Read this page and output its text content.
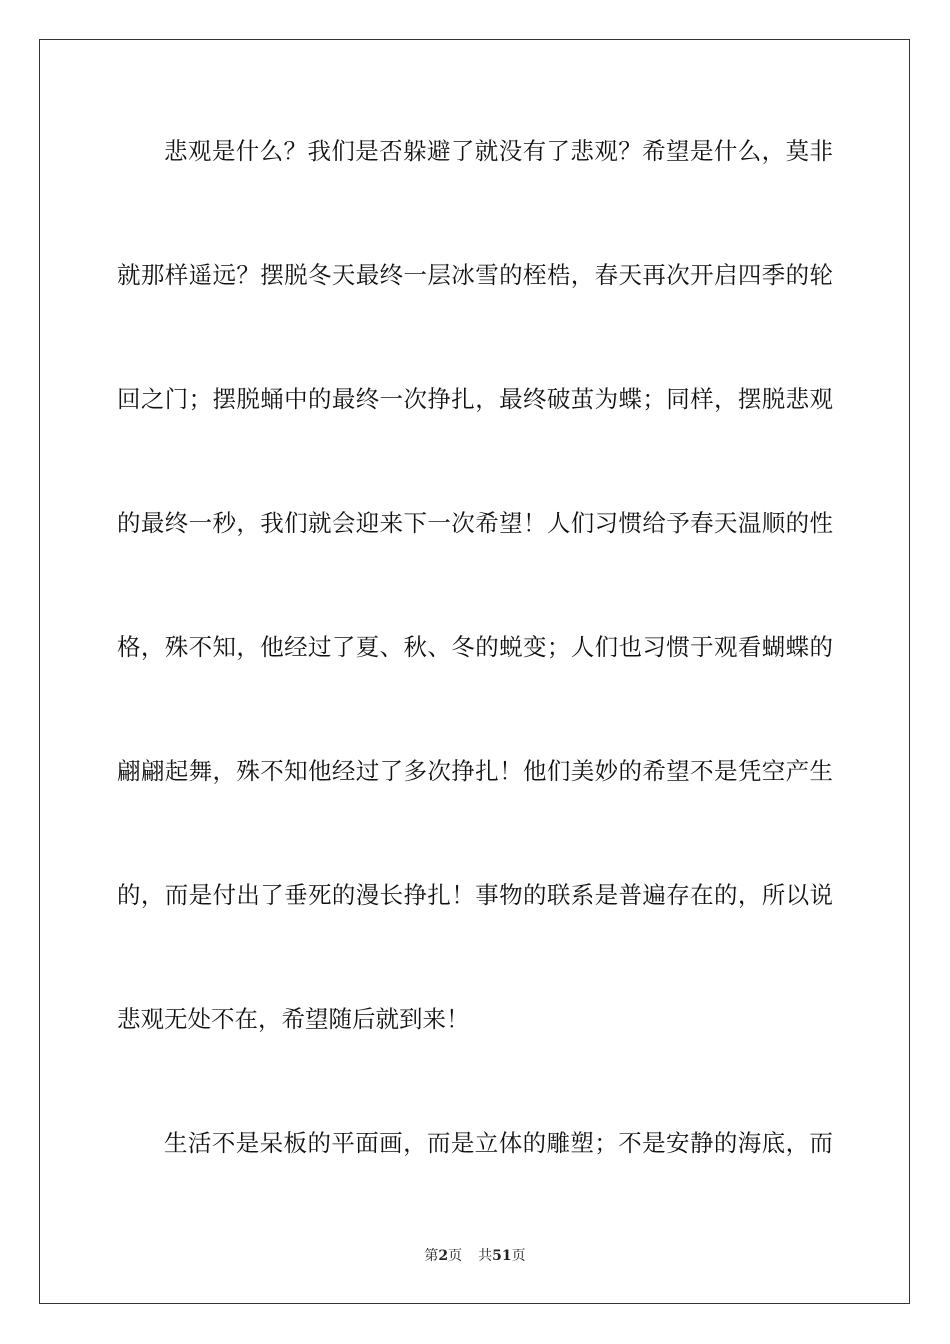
悲观是什么？我们是否躲避了就没有了悲观？希望是什么，莫非
就那样遥远？摆脱冬天最终一层冰雪的桎梏，春天再次开启四季的轮
回之门；摆脱蛹中的最终一次挣扎，最终破茧为蝶；同样，摆脱悲观
的最终一秒，我们就会迎来下一次希望！人们习惯给予春天温顺的性
格，殊不知，他经过了夏、秋、冬的蜕变；人们也习惯于观看蝴蝶的
翩翩起舞，殊不知他经过了多次挣扎！他们美妙的希望不是凭空产生
的，而是付出了垂死的漫长挣扎！事物的联系是普遍存在的，所以说
悲观无处不在，希望随后就到来！
生活不是呆板的平面画，而是立体的雕塑；不是安静的海底，而
第2页 共51页
